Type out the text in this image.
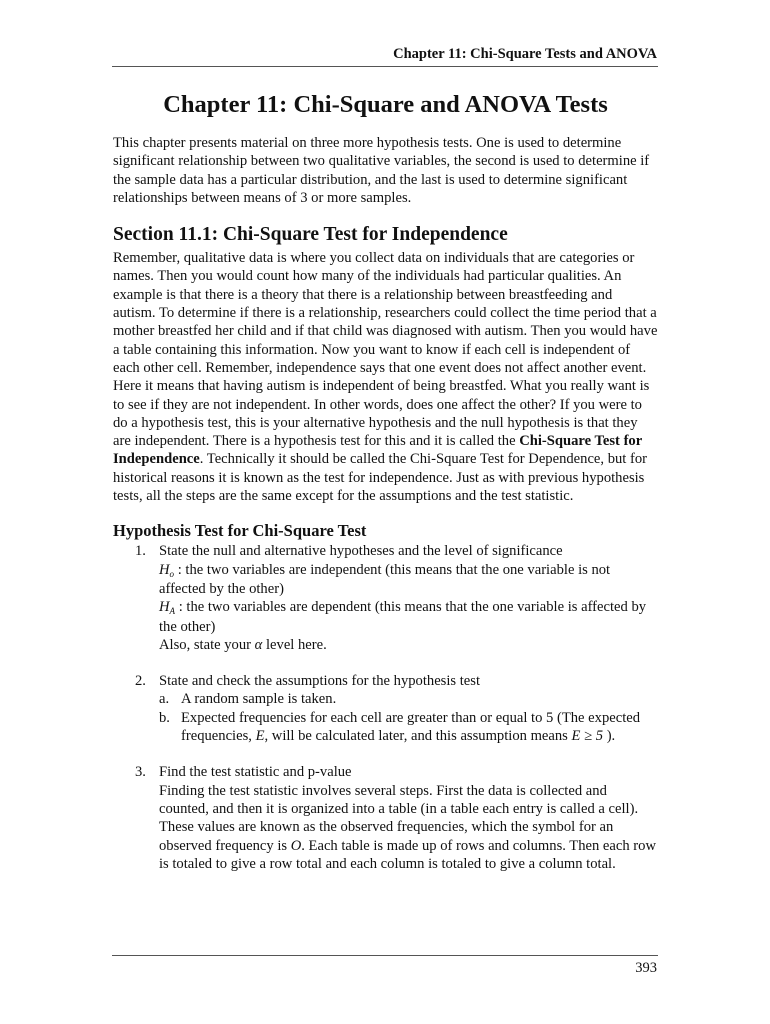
Chapter 11: Chi-Square Tests and ANOVA
Chapter 11: Chi-Square and ANOVA Tests

This chapter presents material on three more hypothesis tests. One is used to determine significant relationship between two qualitative variables, the second is used to determine if the sample data has a particular distribution, and the last is used to determine significant relationships between means of 3 or more samples.

Section 11.1: Chi-Square Test for Independence

Remember, qualitative data is where you collect data on individuals that are categories or names. Then you would count how many of the individuals had particular qualities. An example is that there is a theory that there is a relationship between breastfeeding and autism. To determine if there is a relationship, researchers could collect the time period that a mother breastfed her child and if that child was diagnosed with autism. Then you would have a table containing this information. Now you want to know if each cell is independent of each other cell. Remember, independence says that one event does not affect another event. Here it means that having autism is independent of being breastfed. What you really want is to see if they are not independent. In other words, does one affect the other? If you were to do a hypothesis test, this is your alternative hypothesis and the null hypothesis is that they are independent. There is a hypothesis test for this and it is called the Chi-Square Test for Independence. Technically it should be called the Chi-Square Test for Dependence, but for historical reasons it is known as the test for independence. Just as with previous hypothesis tests, all the steps are the same except for the assumptions and the test statistic.

Hypothesis Test for Chi-Square Test
1. State the null and alternative hypotheses and the level of significance
$H_o$ : the two variables are independent (this means that the one variable is not affected by the other)
$H_A$ : the two variables are dependent (this means that the one variable is affected by the other)
Also, state your α level here.
2. State and check the assumptions for the hypothesis test
a. A random sample is taken.
b. Expected frequencies for each cell are greater than or equal to 5 (The expected frequencies, E, will be calculated later, and this assumption means E ≥ 5 ).
3. Find the test statistic and p-value
Finding the test statistic involves several steps. First the data is collected and counted, and then it is organized into a table (in a table each entry is called a cell). These values are known as the observed frequencies, which the symbol for an observed frequency is O. Each table is made up of rows and columns. Then each row is totaled to give a row total and each column is totaled to give a column total.
393
